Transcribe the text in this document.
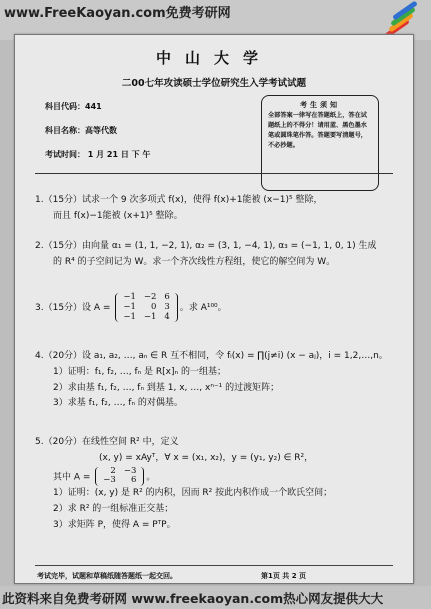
www.FreeKaoyan.com免费考研网
中山大学
二00七年攻读硕士学位研究生入学考试试题
科目代码：441
科目名称：高等代数
考试时间： 1 月 21 日 下 午
考生须知
全部答案一律写在答题纸上，答在试题纸上的不得分！请用蓝、黑色墨水笔或圆珠笔作答。答题要写清题号，不必抄题。
1.（15分）试求一个 9 次多项式 f(x)，使得 f(x)+1能被 (x−1)⁵ 整除，
而且 f(x)−1能被 (x+1)⁵ 整除。
2.（15分）由向量 α₁ = (1, 1, −2, 1), α₂ = (3, 1, −4, 1), α₃ = (−1, 1, 0, 1) 生成
的 R⁴ 的子空间记为 W。求一个齐次线性方程组，使它的解空间为 W。
3.（15分）设 A =
−1	−2	6
−1	0	3
−1	−1	4
。求 A¹⁰⁰。
4.（20分）设 a₁, a₂, …, aₙ ∈ R 互不相同，令 fᵢ(x) = ∏(j≠i) (x − aⱼ)，i = 1,2,…,n。
1）证明：f₁, f₂, …, fₙ 是 R[x]ₙ 的一组基；
2）求由基 f₁, f₂, …, fₙ 到基 1, x, …, xⁿ⁻¹ 的过渡矩阵；
3）求基 f₁, f₂, …, fₙ 的对偶基。
5.（20分）在线性空间 R² 中，定义
(x, y) = xAyᵀ，∀ x = (x₁, x₂)，y = (y₁, y₂) ∈ R²，
其中 A =
2	−3
−3	6 。
1）证明：(x, y) 是 R² 的内积，因而 R² 按此内积作成一个欧氏空间；
2）求 R² 的一组标准正交基；
3）求矩阵 P，使得 A = PᵀP。
考试完毕，试题和草稿纸随答题纸一起交回。	第1页 共 2 页
此资料来自免费考研网 www.freekaoyan.com热心网友提供大大
